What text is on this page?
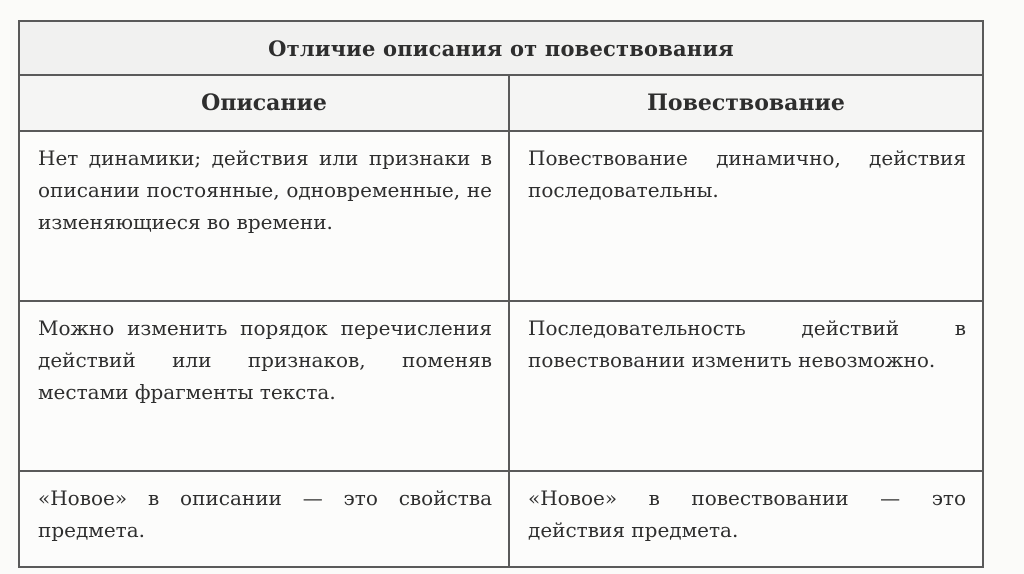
Отличие описания от повествования	
Описание	Повествование
Нет динамики; действия или признаки в описании постоянные, одновременные, не изменяющиеся во времени.	Повествование динамично, действия последовательны.
Можно изменить порядок перечисления действий или признаков, поменяв местами фрагменты текста.	Последовательность действий в повествовании изменить невозможно.
«Новое» в описании — это свойства предмета.	«Новое» в повествовании — это действия предмета.
